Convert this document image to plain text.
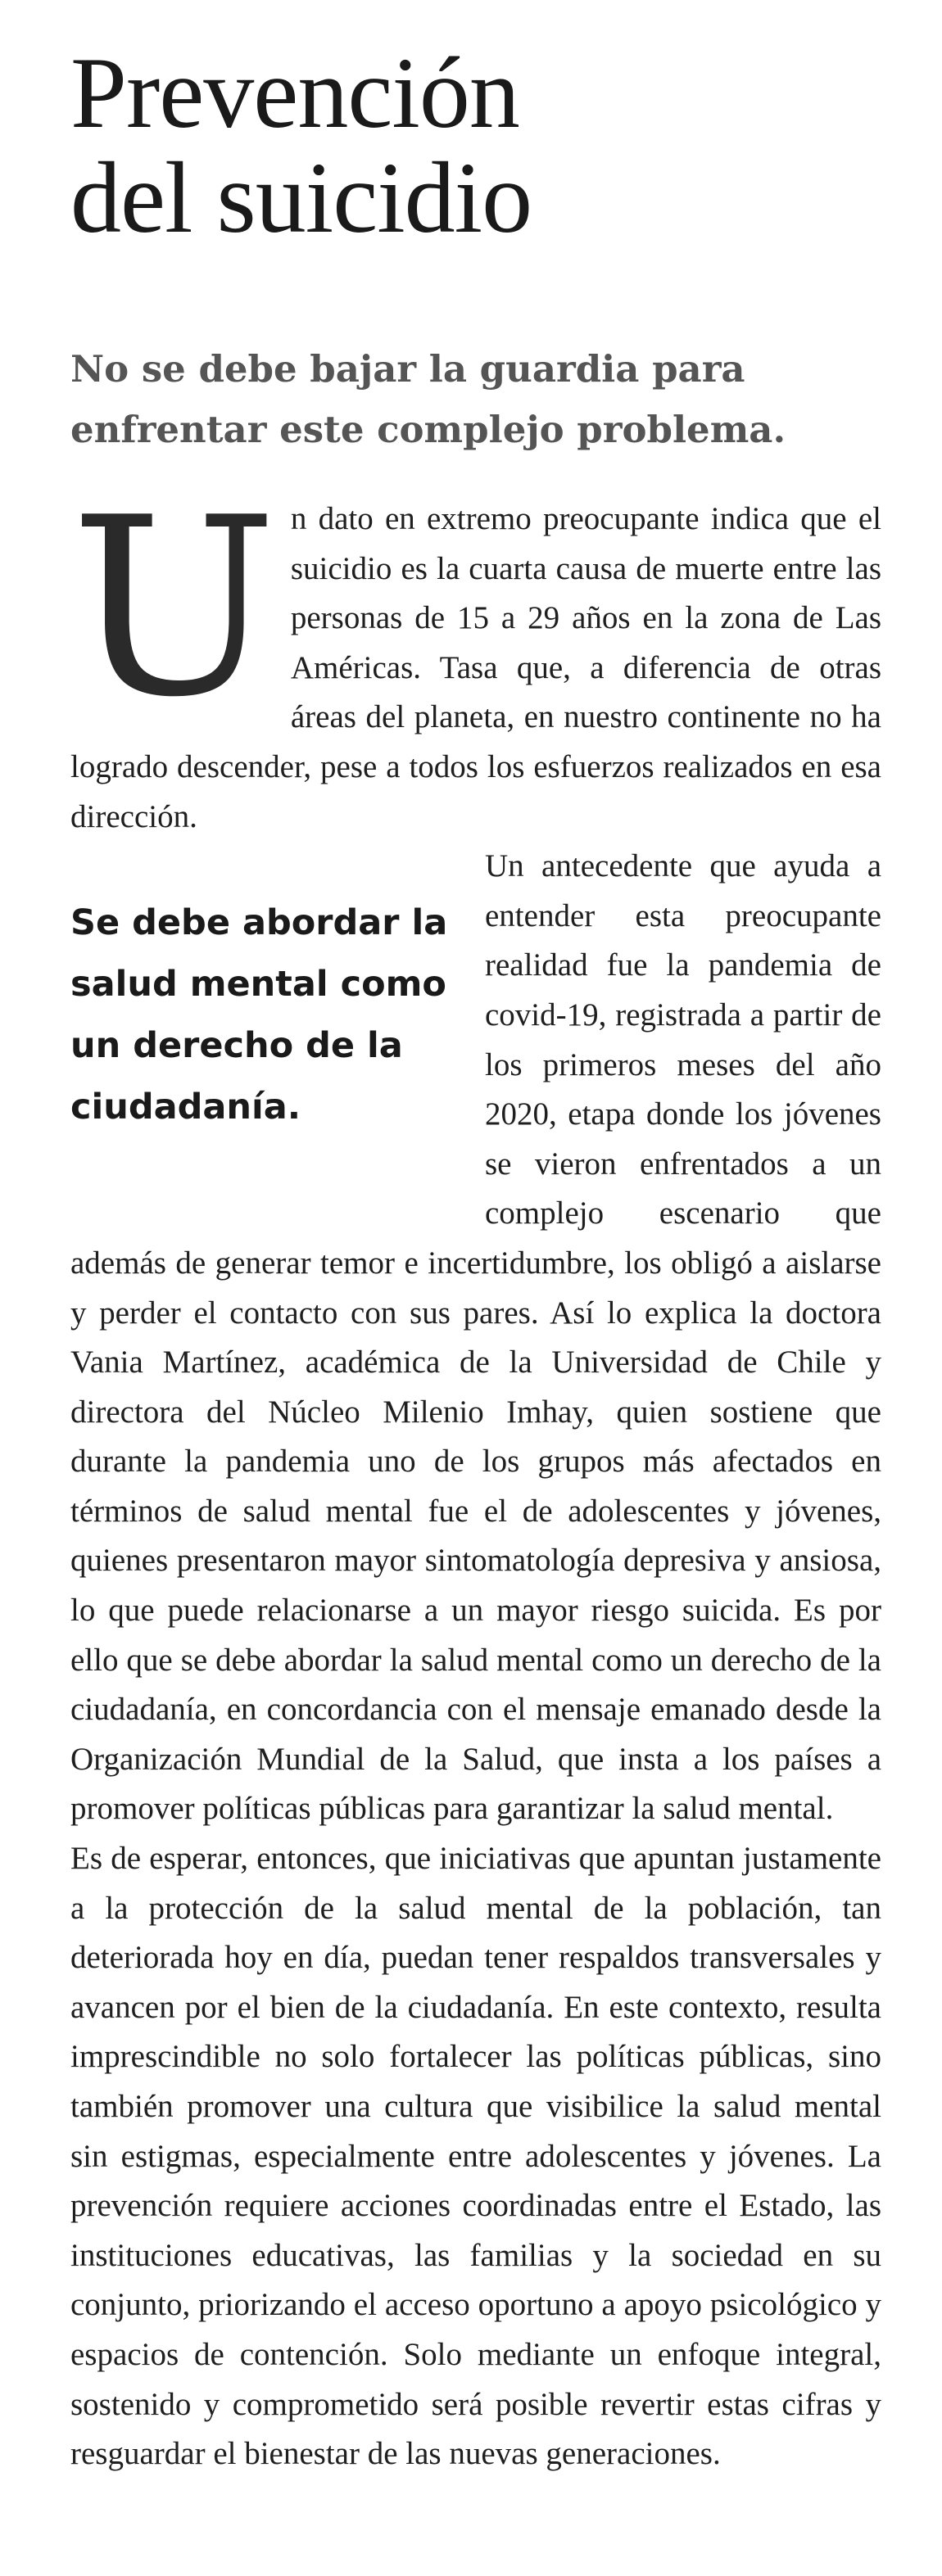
Prevención
del suicidio
No se debe bajar la guardia para enfrentar este complejo problema.
U n dato en extremo preocupante indica que el suicidio es la cuarta causa de muerte entre las personas de 15 a 29 años en la zona de Las Américas. Tasa que, a diferencia de otras áreas del planeta, en nuestro continente no ha logrado descender, pese a todos los esfuerzos realizados en esa dirección.

Se debe abordar la salud mental como un derecho de la ciudadanía.

Un antecedente que ayuda a entender esta preocupante realidad fue la pandemia de covid-19, registrada a partir de los primeros meses del año 2020, etapa donde los jóvenes se vieron enfrentados a un complejo escenario que además de generar temor e incertidumbre, los obligó a aislarse y perder el contacto con sus pares. Así lo explica la doctora Vania Martínez, académica de la Universidad de Chile y directora del Núcleo Milenio Imhay, quien sostiene que durante la pandemia uno de los grupos más afectados en términos de salud mental fue el de adolescentes y jóvenes, quienes presentaron mayor sintomatología depresiva y ansiosa, lo que puede relacionarse a un mayor riesgo suicida. Es por ello que se debe abordar la salud mental como un derecho de la ciudadanía, en concordancia con el mensaje emanado desde la Organización Mundial de la Salud, que insta a los países a promover políticas públicas para garantizar la salud mental.

Es de esperar, entonces, que iniciativas que apuntan justamente a la protección de la salud mental de la población, tan deteriorada hoy en día, puedan tener respaldos transversales y avancen por el bien de la ciudadanía. En este contexto, resulta imprescindible no solo fortalecer las políticas públicas, sino también promover una cultura que visibilice la salud mental sin estigmas, especialmente entre adolescentes y jóvenes. La prevención requiere acciones coordinadas entre el Estado, las instituciones educativas, las familias y la sociedad en su conjunto, priorizando el acceso oportuno a apoyo psicológico y espacios de contención. Solo mediante un enfoque integral, sostenido y comprometido será posible revertir estas cifras y resguardar el bienestar de las nuevas generaciones.
